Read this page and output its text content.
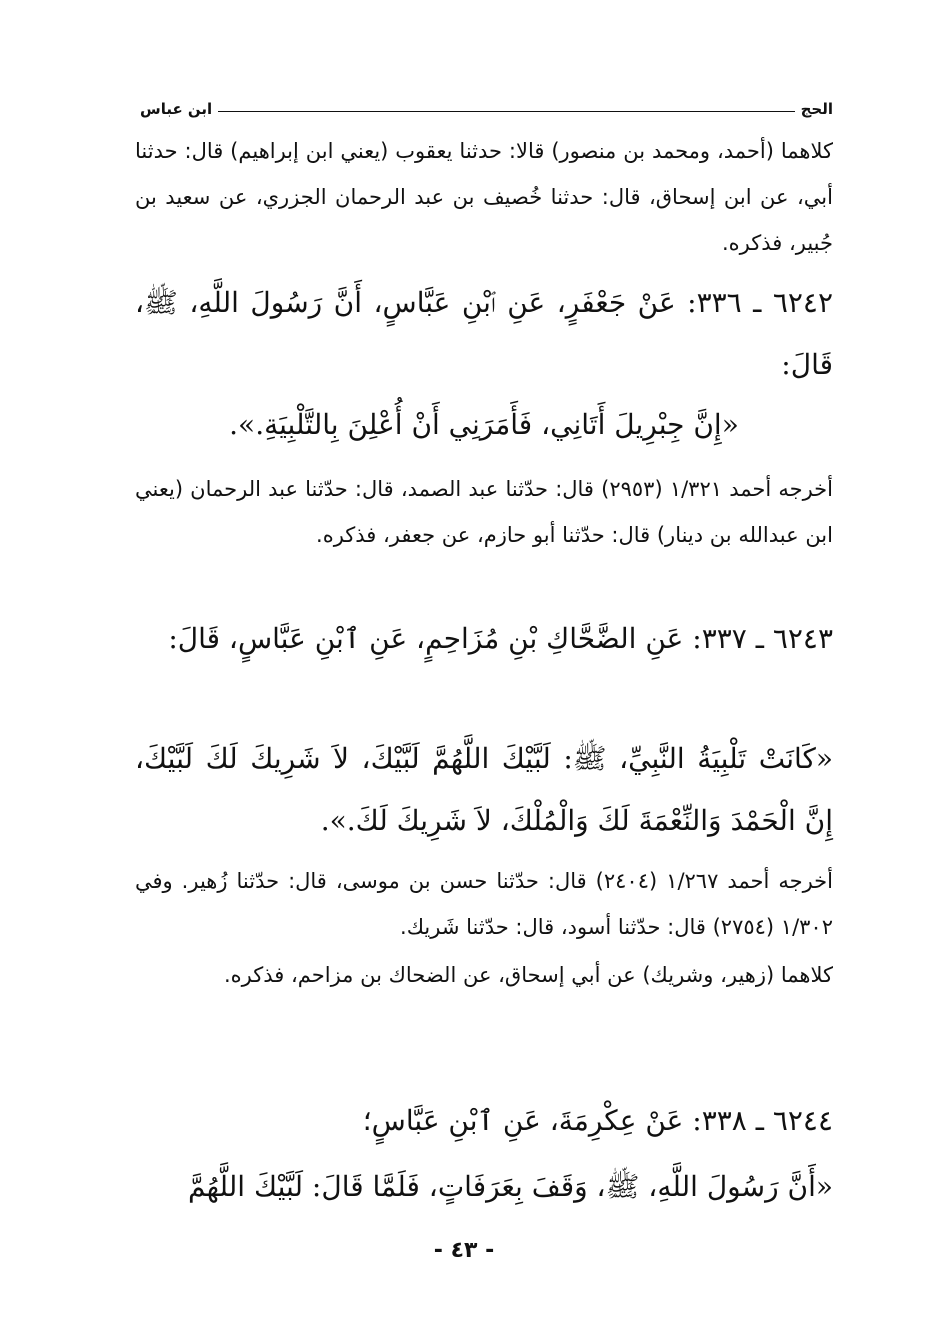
الحج
ابن عباس
كلاهما (أحمد، ومحمد بن منصور) قالا: حدثنا يعقوب (يعني ابن إبراهيم) قال: حدثنا أبي، عن ابن إسحاق، قال: حدثنا خُصيف بن عبد الرحمان الجزري، عن سعيد بن جُبير، فذكره.
٦٢٤٢ ـ ٣٣٦: عَنْ جَعْفَرٍ، عَنِ ٱبْنِ عَبَّاسٍ، أَنَّ رَسُولَ اللَّهِ، ﷺ، قَالَ:
«إِنَّ جِبْرِيلَ أَتَانِي، فَأَمَرَنِي أَنْ أُعْلِنَ بِالتَّلْبِيَةِ.».
أخرجه أحمد ١/٣٢١ (٢٩٥٣) قال: حدّثنا عبد الصمد، قال: حدّثنا عبد الرحمان (يعني ابن عبدالله بن دينار) قال: حدّثنا أبو حازم، عن جعفر، فذكره.
٦٢٤٣ ـ ٣٣٧: عَنِ الضَّحَّاكِ بْنِ مُزَاحِمٍ، عَنِ ٱبْنِ عَبَّاسٍ، قَالَ:
«كَانَتْ تَلْبِيَةُ النَّبِيِّ، ﷺ: لَبَّيْكَ اللَّهُمَّ لَبَّيْكَ، لاَ شَرِيكَ لَكَ لَبَّيْكَ، إِنَّ الْحَمْدَ وَالنِّعْمَةَ لَكَ وَالْمُلْكَ، لاَ شَرِيكَ لَكَ.».
أخرجه أحمد ١/٢٦٧ (٢٤٠٤) قال: حدّثنا حسن بن موسى، قال: حدّثنا زُهير. وفي ١/٣٠٢ (٢٧٥٤) قال: حدّثنا أسود، قال: حدّثنا شَريك.
كلاهما (زهير، وشريك) عن أبي إسحاق، عن الضحاك بن مزاحم، فذكره.
٦٢٤٤ ـ ٣٣٨: عَنْ عِكْرِمَةَ، عَنِ ٱبْنِ عَبَّاسٍ؛
«أَنَّ رَسُولَ اللَّهِ، ﷺ، وَقَفَ بِعَرَفَاتٍ، فَلَمَّا قَالَ: لَبَّيْكَ اللَّهُمَّ
- ٤٣ -
